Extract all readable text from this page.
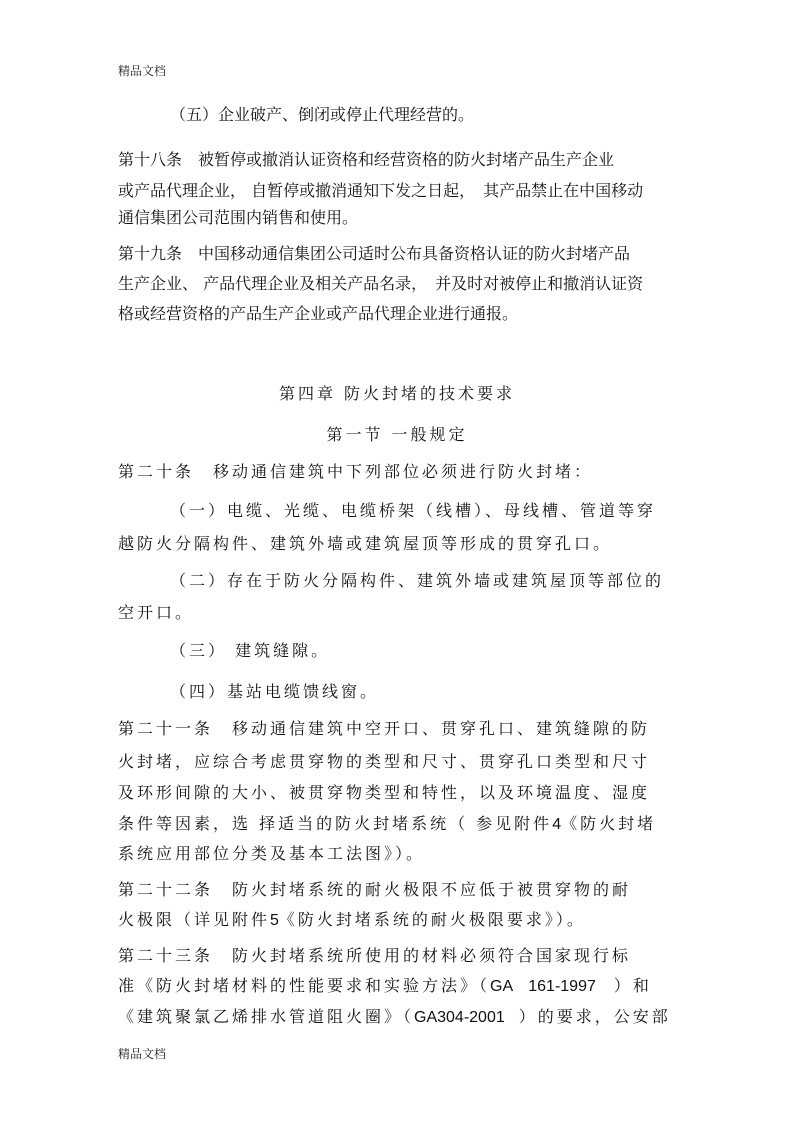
精品文档

（五）企业破产、倒闭或停止代理经营的。

第十八条　被暂停或撤消认证资格和经营资格的防火封堵产品生产企业

或产品代理企业， 自暂停或撤消通知下发之日起，　其产品禁止在中国移动

通信集团公司范围内销售和使用。

第十九条　中国移动通信集团公司适时公布具备资格认证的防火封堵产品

生产企业、 产品代理企业及相关产品名录，　并及时对被停止和撤消认证资

格或经营资格的产品生产企业或产品代理企业进行通报。

第四章 防火封堵的技术要求

第一节 一般规定

第二十条　移动通信建筑中下列部位必须进行防火封堵：

（一）电缆、光缆、电缆桥架（线槽）、母线槽、管道等穿

越防火分隔构件、建筑外墙或建筑屋顶等形成的贯穿孔口。

（二）存在于防火分隔构件、建筑外墙或建筑屋顶等部位的

空开口。

（三） 建筑缝隙。

（四）基站电缆馈线窗。

第二十一条　移动通信建筑中空开口、贯穿孔口、建筑缝隙的防

火封堵，应综合考虑贯穿物的类型和尺寸、贯穿孔口类型和尺寸

及环形间隙的大小、被贯穿物类型和特性，以及环境温度、湿度

条件等因素，选 择适当的防火封堵系统（ 参见附件4《防火封堵

系统应用部位分类及基本工法图》）。

第二十二条　防火封堵系统的耐火极限不应低于被贯穿物的耐

火极限（详见附件5《防火封堵系统的耐火极限要求》）。

第二十三条　防火封堵系统所使用的材料必须符合国家现行标

准《防火封堵材料的性能要求和实验方法》（GA　161-1997 ）和

《建筑聚氯乙烯排水管道阻火圈》（GA304-2001 ）的要求，公安部

精品文档
